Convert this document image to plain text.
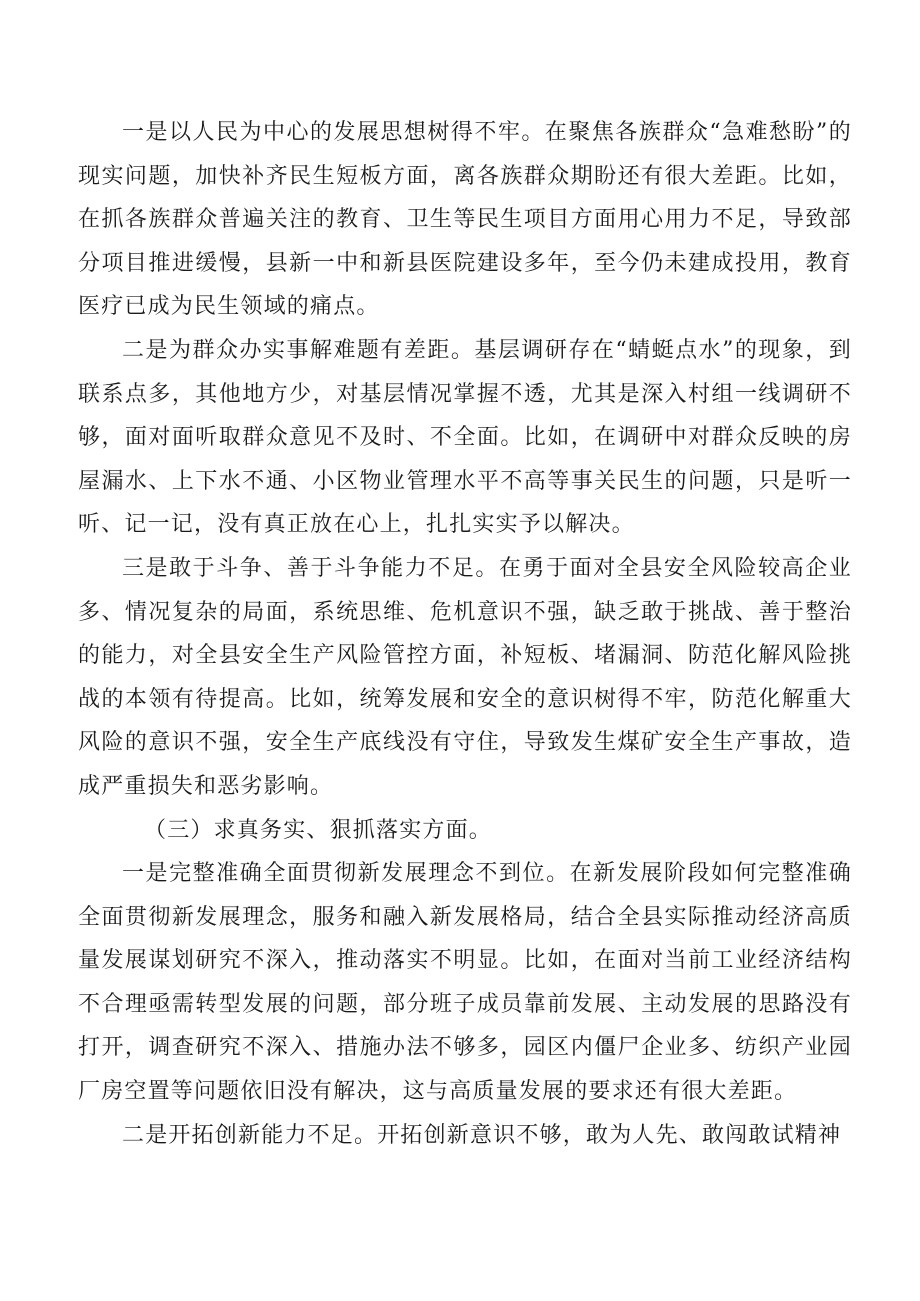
一是以人民为中心的发展思想树得不牢。在聚焦各族群众“急难愁盼”的现实问题，加快补齐民生短板方面，离各族群众期盼还有很大差距。比如，在抓各族群众普遍关注的教育、卫生等民生项目方面用心用力不足，导致部分项目推进缓慢，县新一中和新县医院建设多年，至今仍未建成投用，教育医疗已成为民生领域的痛点。

二是为群众办实事解难题有差距。基层调研存在“蜻蜓点水”的现象，到联系点多，其他地方少，对基层情况掌握不透，尤其是深入村组一线调研不够，面对面听取群众意见不及时、不全面。比如，在调研中对群众反映的房屋漏水、上下水不通、小区物业管理水平不高等事关民生的问题，只是听一听、记一记，没有真正放在心上，扎扎实实予以解决。

三是敢于斗争、善于斗争能力不足。在勇于面对全县安全风险较高企业多、情况复杂的局面，系统思维、危机意识不强，缺乏敢于挑战、善于整治的能力，对全县安全生产风险管控方面，补短板、堵漏洞、防范化解风险挑战的本领有待提高。比如，统筹发展和安全的意识树得不牢，防范化解重大风险的意识不强，安全生产底线没有守住，导致发生煤矿安全生产事故，造成严重损失和恶劣影响。

（三）求真务实、狠抓落实方面。

一是完整准确全面贯彻新发展理念不到位。在新发展阶段如何完整准确全面贯彻新发展理念，服务和融入新发展格局，结合全县实际推动经济高质量发展谋划研究不深入，推动落实不明显。比如，在面对当前工业经济结构不合理亟需转型发展的问题，部分班子成员靠前发展、主动发展的思路没有打开，调查研究不深入、措施办法不够多，园区内僵尸企业多、纺织产业园厂房空置等问题依旧没有解决，这与高质量发展的要求还有很大差距。

二是开拓创新能力不足。开拓创新意识不够，敢为人先、敢闯敢试精神
